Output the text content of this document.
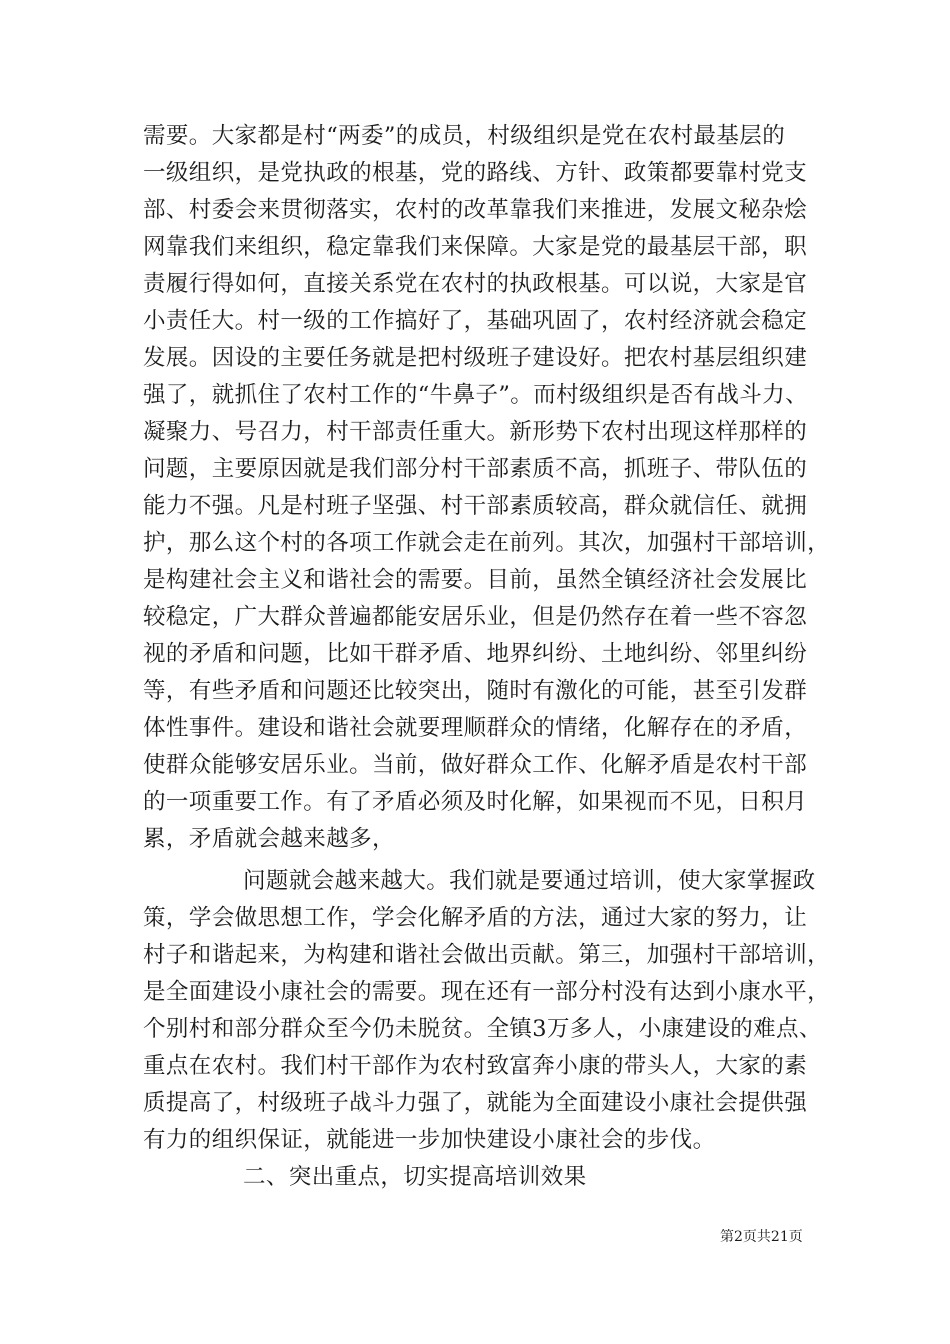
需要。大家都是村“两委”的成员，村级组织是党在农村最基层的
一级组织，是党执政的根基，党的路线、方针、政策都要靠村党支
部、村委会来贯彻落实，农村的改革靠我们来推进，发展文秘杂烩
网靠我们来组织，稳定靠我们来保障。大家是党的最基层干部，职
责履行得如何，直接关系党在农村的执政根基。可以说，大家是官
小责任大。村一级的工作搞好了，基础巩固了，农村经济就会稳定
发展。因设的主要任务就是把村级班子建设好。把农村基层组织建
强了，就抓住了农村工作的“牛鼻子”。而村级组织是否有战斗力、
凝聚力、号召力，村干部责任重大。新形势下农村出现这样那样的
问题，主要原因就是我们部分村干部素质不高，抓班子、带队伍的
能力不强。凡是村班子坚强、村干部素质较高，群众就信任、就拥
护，那么这个村的各项工作就会走在前列。其次，加强村干部培训，
是构建社会主义和谐社会的需要。目前，虽然全镇经济社会发展比
较稳定，广大群众普遍都能安居乐业，但是仍然存在着一些不容忽
视的矛盾和问题，比如干群矛盾、地界纠纷、土地纠纷、邻里纠纷
等，有些矛盾和问题还比较突出，随时有激化的可能，甚至引发群
体性事件。建设和谐社会就要理顺群众的情绪，化解存在的矛盾，
使群众能够安居乐业。当前，做好群众工作、化解矛盾是农村干部
的一项重要工作。有了矛盾必须及时化解，如果视而不见，日积月
累，矛盾就会越来越多，
问题就会越来越大。我们就是要通过培训，使大家掌握政
策，学会做思想工作，学会化解矛盾的方法，通过大家的努力，让
村子和谐起来，为构建和谐社会做出贡献。第三，加强村干部培训，
是全面建设小康社会的需要。现在还有一部分村没有达到小康水平，
个别村和部分群众至今仍未脱贫。全镇3万多人，小康建设的难点、
重点在农村。我们村干部作为农村致富奔小康的带头人，大家的素
质提高了，村级班子战斗力强了，就能为全面建设小康社会提供强
有力的组织保证，就能进一步加快建设小康社会的步伐。
二、突出重点，切实提高培训效果
第2页共21页
